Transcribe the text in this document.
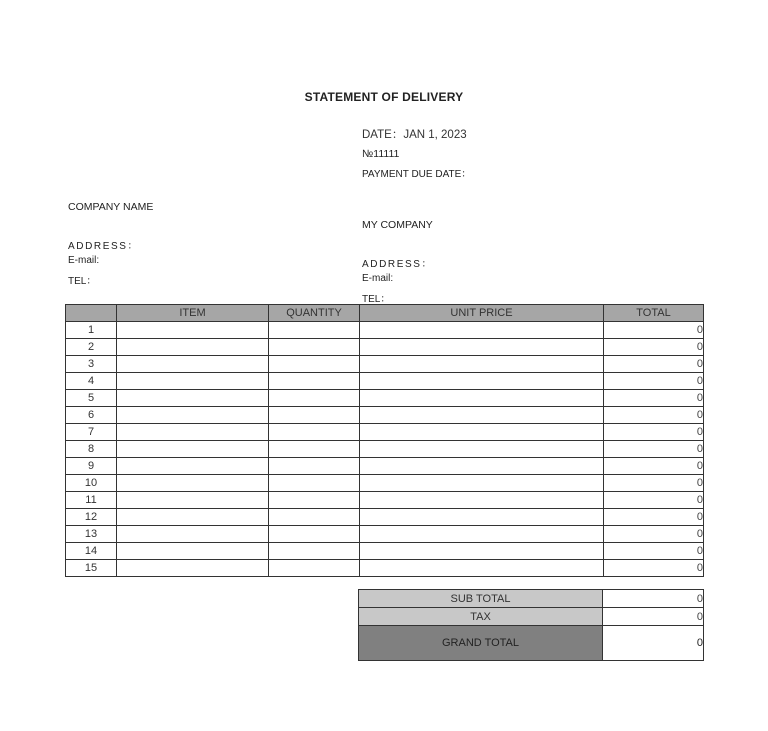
STATEMENT OF DELIVERY
DATE：JAN 1, 2023
№11111
PAYMENT DUE DATE：
COMPANY NAME
ADDRESS：
E-mail:
TEL：
MY COMPANY
ADDRESS：
E-mail:
TEL：
	ITEM	QUANTITY	UNIT PRICE	TOTAL
1				0
2				0
3				0
4				0
5				0
6				0
7				0
8				0
9				0
10				0
11				0
12				0
13				0
14				0
15				0
SUB TOTAL	0
TAX	0
GRAND TOTAL	0
